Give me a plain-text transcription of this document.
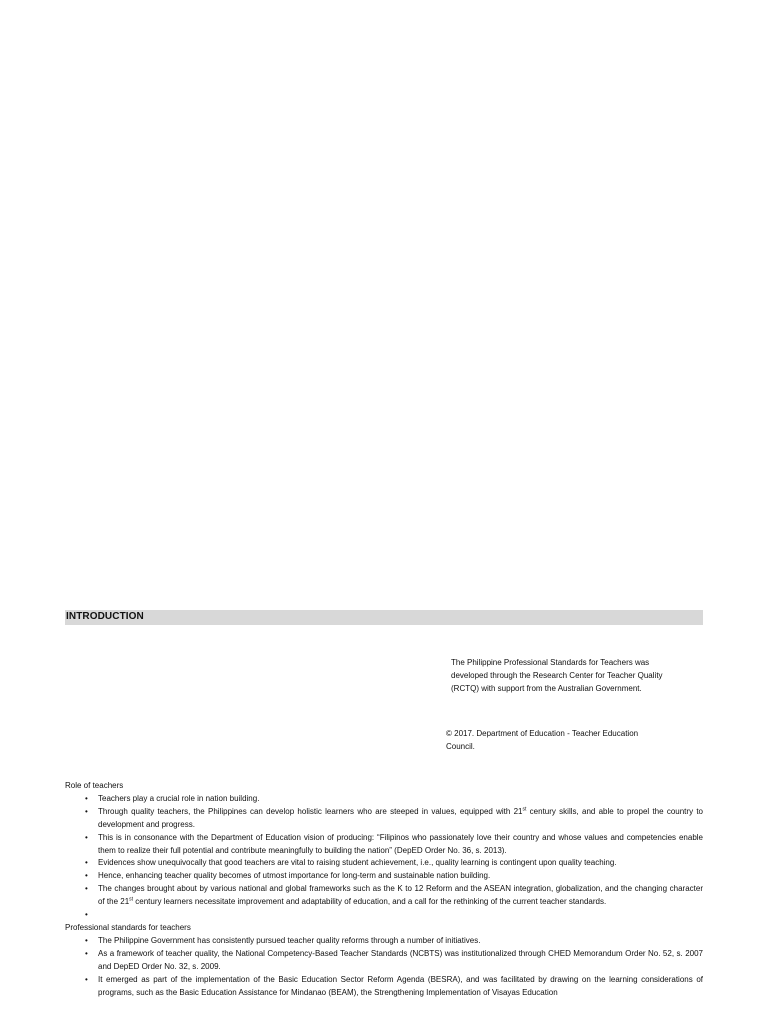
INTRODUCTION
The Philippine Professional Standards for Teachers was
developed through the Research Center for Teacher Quality
(RCTQ) with support from the Australian Government.
© 2017. Department of Education - Teacher Education
Council.

Role of teachers

• Teachers play a crucial role in nation building.
• Through quality teachers, the Philippines can develop holistic learners who are steeped in values, equipped with 21st century skills, and able to propel the country to development and progress.
• This is in consonance with the Department of Education vision of producing: “Filipinos who passionately love their country and whose values and competencies enable them to realize their full potential and contribute meaningfully to building the nation” (DepED Order No. 36, s. 2013).
• Evidences show unequivocally that good teachers are vital to raising student achievement, i.e., quality learning is contingent upon quality teaching.
• Hence, enhancing teacher quality becomes of utmost importance for long-term and sustainable nation building.
• The changes brought about by various national and global frameworks such as the K to 12 Reform and the ASEAN integration, globalization, and the changing character of the 21st century learners necessitate improvement and adaptability of education, and a call for the rethinking of the current teacher standards.
•

Professional standards for teachers

• The Philippine Government has consistently pursued teacher quality reforms through a number of initiatives.
• As a framework of teacher quality, the National Competency-Based Teacher Standards (NCBTS) was institutionalized through CHED Memorandum Order No. 52, s. 2007 and DepED Order No. 32, s. 2009.
• It emerged as part of the implementation of the Basic Education Sector Reform Agenda (BESRA), and was facilitated by drawing on the learning considerations of programs, such as the Basic Education Assistance for Mindanao (BEAM), the Strengthening Implementation of Visayas Education
